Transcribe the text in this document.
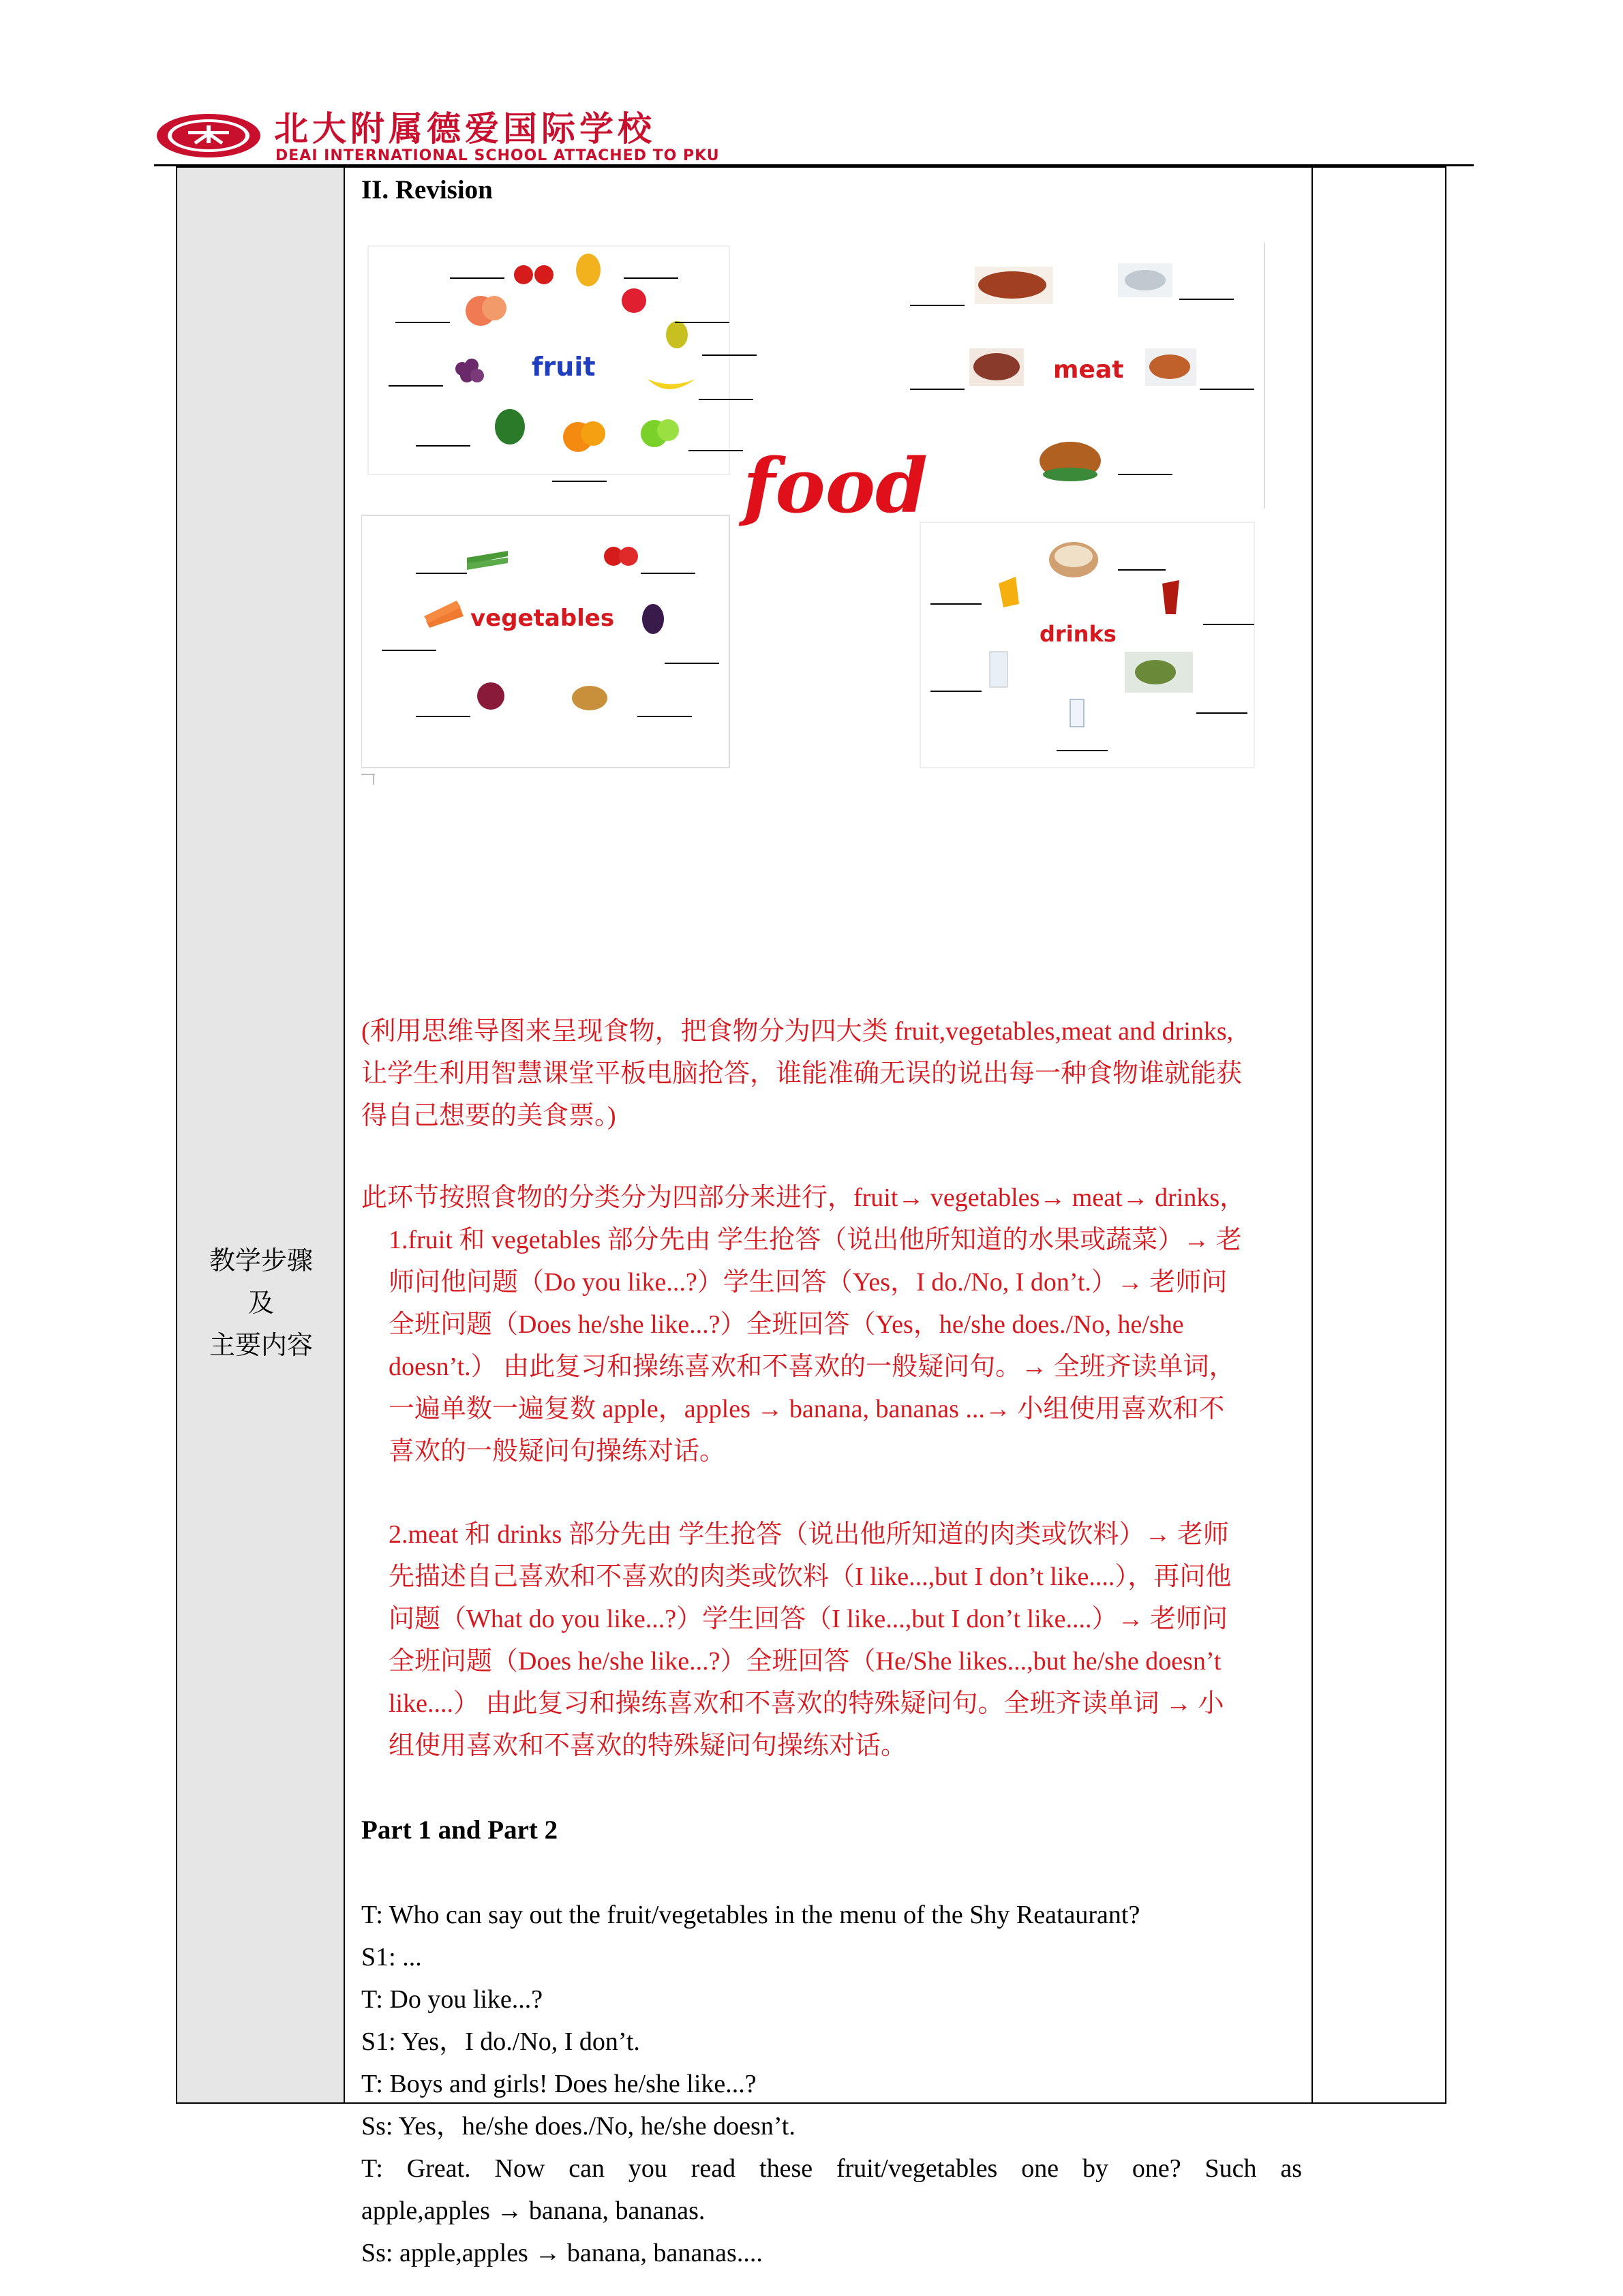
北大附属德爱国际学校
DEAI INTERNATIONAL SCHOOL ATTACHED TO PKU
教学步骤
及
主要内容
II. Revision
food
fruit	meat
vegetables
drinks
(利用思维导图来呈现食物，把食物分为四大类 fruit,vegetables,meat and drinks,
让学生利用智慧课堂平板电脑抢答，谁能准确无误的说出每一种食物谁就能获
得自己想要的美食票。)
此环节按照食物的分类分为四部分来进行，fruit→ vegetables→ meat→ drinks，
1.fruit 和 vegetables 部分先由 学生抢答（说出他所知道的水果或蔬菜）→ 老
师问他问题（Do you like...?）学生回答（Yes，I do./No, I don’t.）→ 老师问
全班问题（Does he/she like...?）全班回答（Yes，he/she does./No, he/she
doesn’t.） 由此复习和操练喜欢和不喜欢的一般疑问句。→ 全班齐读单词，
一遍单数一遍复数 apple，apples → banana, bananas ...→ 小组使用喜欢和不
喜欢的一般疑问句操练对话。
2.meat 和 drinks 部分先由 学生抢答（说出他所知道的肉类或饮料）→ 老师
先描述自己喜欢和不喜欢的肉类或饮料（I like...,but I don’t like....），再问他
问题（What do you like...?）学生回答（I like...,but I don’t like....）→ 老师问
全班问题（Does he/she like...?）全班回答（He/She likes...,but he/she doesn’t
like....） 由此复习和操练喜欢和不喜欢的特殊疑问句。全班齐读单词 → 小
组使用喜欢和不喜欢的特殊疑问句操练对话。
Part 1 and Part 2
T: Who can say out the fruit/vegetables in the menu of the Shy Reataurant?
S1: ...
T: Do you like...?
S1: Yes，I do./No, I don’t.
T: Boys and girls! Does he/she like...?
Ss: Yes，he/she does./No, he/she doesn’t.
T: Great. Now can you read these fruit/vegetables one by one? Such as
apple,apples → banana, bananas.
Ss: apple,apples → banana, bananas....
